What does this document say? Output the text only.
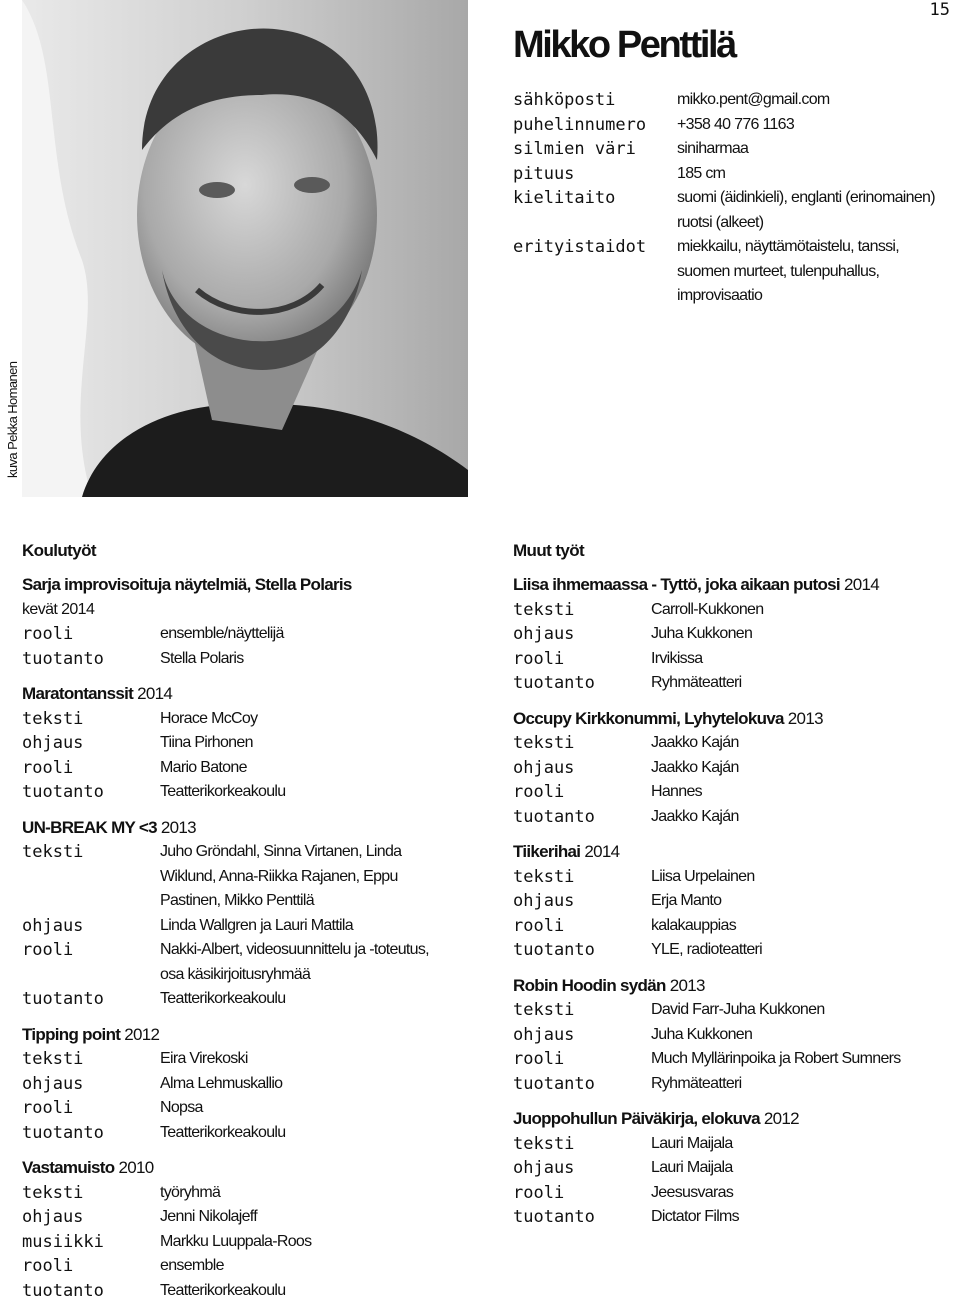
15
kuva Pekka Homanen
Mikko Penttilä
sähköposti	mikko.pent@gmail.com
puhelinnumero	+358 40 776 1163
silmien väri	siniharmaa
pituus	185 cm
kielitaito	suomi (äidinkieli), englanti (erinomainen) ruotsi (alkeet)
erityistaidot	miekkailu, näyttämötaistelu, tanssi, suomen murteet, tulenpuhallus, improvisaatio
Koulutyöt
Sarja improvisoituja näytelmiä, Stella Polaris
kevät 2014
rooli	ensemble/näyttelijä
tuotanto	Stella Polaris
Maratontanssit 2014
teksti	Horace McCoy
ohjaus	Tiina Pirhonen
rooli	Mario Batone
tuotanto	Teatterikorkeakoulu
UN-BREAK MY <3 2013
teksti	Juho Gröndahl, Sinna Virtanen, Linda Wiklund, Anna-Riikka Rajanen, Eppu Pastinen, Mikko Penttilä
ohjaus	Linda Wallgren ja Lauri Mattila
rooli	Nakki-Albert, videosuunnittelu ja -toteutus, osa käsikirjoitusryhmää
tuotanto	Teatterikorkeakoulu
Tipping point 2012
teksti	Eira Virekoski
ohjaus	Alma Lehmuskallio
rooli	Nopsa
tuotanto	Teatterikorkeakoulu
Vastamuisto 2010
teksti	työryhmä
ohjaus	Jenni Nikolajeff
musiikki	Markku Luuppala-Roos
rooli	ensemble
tuotanto	Teatterikorkeakoulu
Muut työt
Liisa ihmemaassa - Tyttö, joka aikaan putosi 2014
teksti	Carroll-Kukkonen
ohjaus	Juha Kukkonen
rooli	Irvikissa
tuotanto	Ryhmäteatteri
Occupy Kirkkonummi, Lyhytelokuva 2013
teksti	Jaakko Kaján
ohjaus	Jaakko Kaján
rooli	Hannes
tuotanto	Jaakko Kaján
Tiikerihai 2014
teksti	Liisa Urpelainen
ohjaus	Erja Manto
rooli	kalakauppias
tuotanto	YLE, radioteatteri
Robin Hoodin sydän 2013
teksti	David Farr-Juha Kukkonen
ohjaus	Juha Kukkonen
rooli	Much Myllärinpoika ja Robert Sumners
tuotanto	Ryhmäteatteri
Juoppohullun Päiväkirja, elokuva 2012
teksti	Lauri Maijala
ohjaus	Lauri Maijala
rooli	Jeesusvaras
tuotanto	Dictator Films
